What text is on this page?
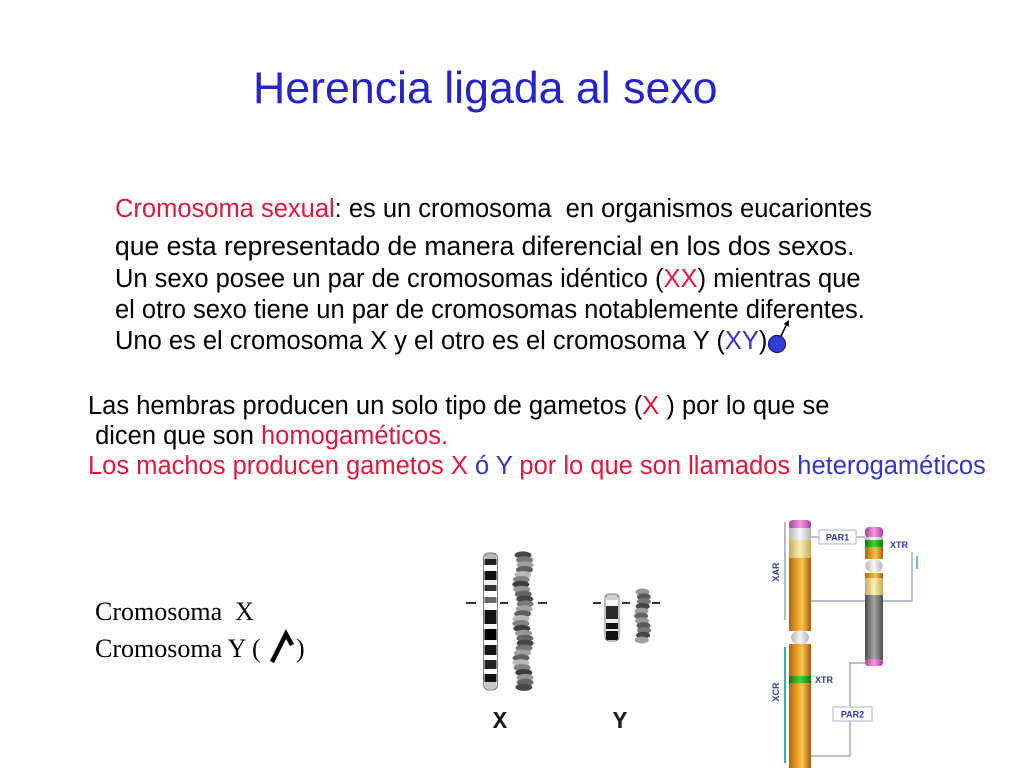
X	Y
XAR
XCR
PAR1
XTR
XTR
PAR2
Herencia ligada al sexo
Cromosoma sexual: es un cromosoma  en organismos eucariontes
que esta representado de manera diferencial en los dos sexos.
Un sexo posee un par de cromosomas idéntico (XX) mientras que
el otro sexo tiene un par de cromosomas notablemente diferentes.
Uno es el cromosoma X y el otro es el cromosoma Y (XY)
Las hembras producen un solo tipo de gametos (X ) por lo que se
dicen que son homogaméticos.
Los machos producen gametos X ó Y por lo que son llamados heterogaméticos
Cromosoma  X
Cromosoma Y ( )
